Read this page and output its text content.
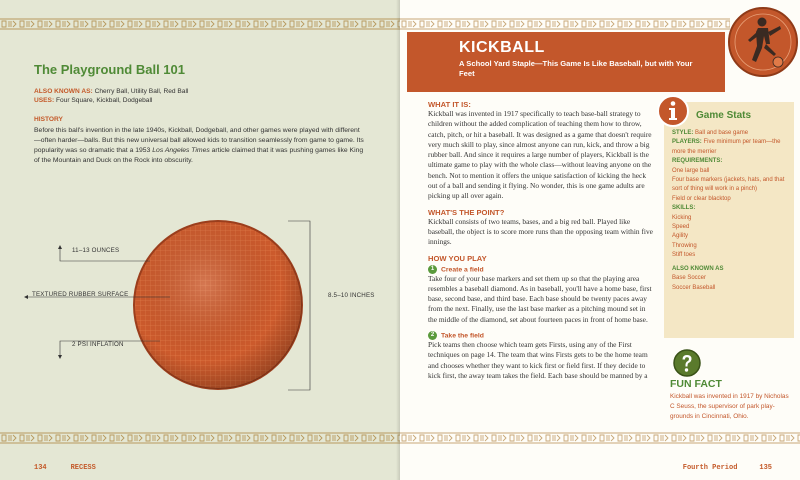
The Playground Ball 101
ALSO KNOWN AS: Cherry Ball, Utility Ball, Red Ball
USES: Four Square, Kickball, Dodgeball
HISTORY
Before this ball's invention in the late 1940s, Kickball, Dodgeball, and other games were played with different—often harder—balls. But this new universal ball allowed kids to transition seamlessly from game to game. Its popularity was so dramatic that a 1953 Los Angeles Times article claimed that it was pushing games like King of the Mountain and Duck on the Rock into obscurity.
11–13 OUNCES
TEXTURED RUBBER SURFACE
2 PSI INFLATION
8.5–10 INCHES
134	RECESS
KICKBALL
A School Yard Staple—This Game Is Like Baseball, but with Your Feet
WHAT IT IS:
Kickball was invented in 1917 specifically to teach base-ball strategy to children without the added complication of teaching them how to throw, catch, pitch, or hit a baseball. It was designed as a game that doesn't require very much skill to play, since almost anyone can run, kick, and throw a big rubber ball. And since it requires a large number of players, Kickball is the ultimate game to play with the whole class—without leaving anyone on the bench. Not to mention it offers the unique satisfaction of kicking the heck out of a ball and sending it flying. No wonder, this is one game adults are picking up all over again.
WHAT'S THE POINT?
Kickball consists of two teams, bases, and a big red ball. Played like baseball, the object is to score more runs than the opposing team within five innings.
HOW YOU PLAY
1 Create a field
Take four of your base markers and set them up so that the playing area resembles a baseball diamond. As in baseball, you'll have a home base, first base, second base, and third base. Each base should be twenty paces away from the next. Finally, use the last base marker as a pitching mound set in the middle of the diamond, set about fourteen paces in front of home base.
2 Take the field
Pick teams then choose which team gets Firsts, using any of the First techniques on page 14. The team that wins Firsts gets to be the home team and chooses whether they want to kick first or field first. If they decide to kick first, the away team takes the field. Each base should be manned by a
Game Stats
STYLE: Ball and base game
PLAYERS: Five minimum per team—the more the merrier
REQUIREMENTS:
One large ball
Four base markers (jackets, hats, and that sort of thing will work in a pinch)
Field or clear blacktop
SKILLS:
Kicking
Speed
Agility
Throwing
Stiff toes
ALSO KNOWN AS
Base Soccer
Soccer Baseball
FUN FACT
Kickball was invented in 1917 by Nicholas C Seuss, the supervisor of park play-grounds in Cincinnati, Ohio.
Fourth Period	135
